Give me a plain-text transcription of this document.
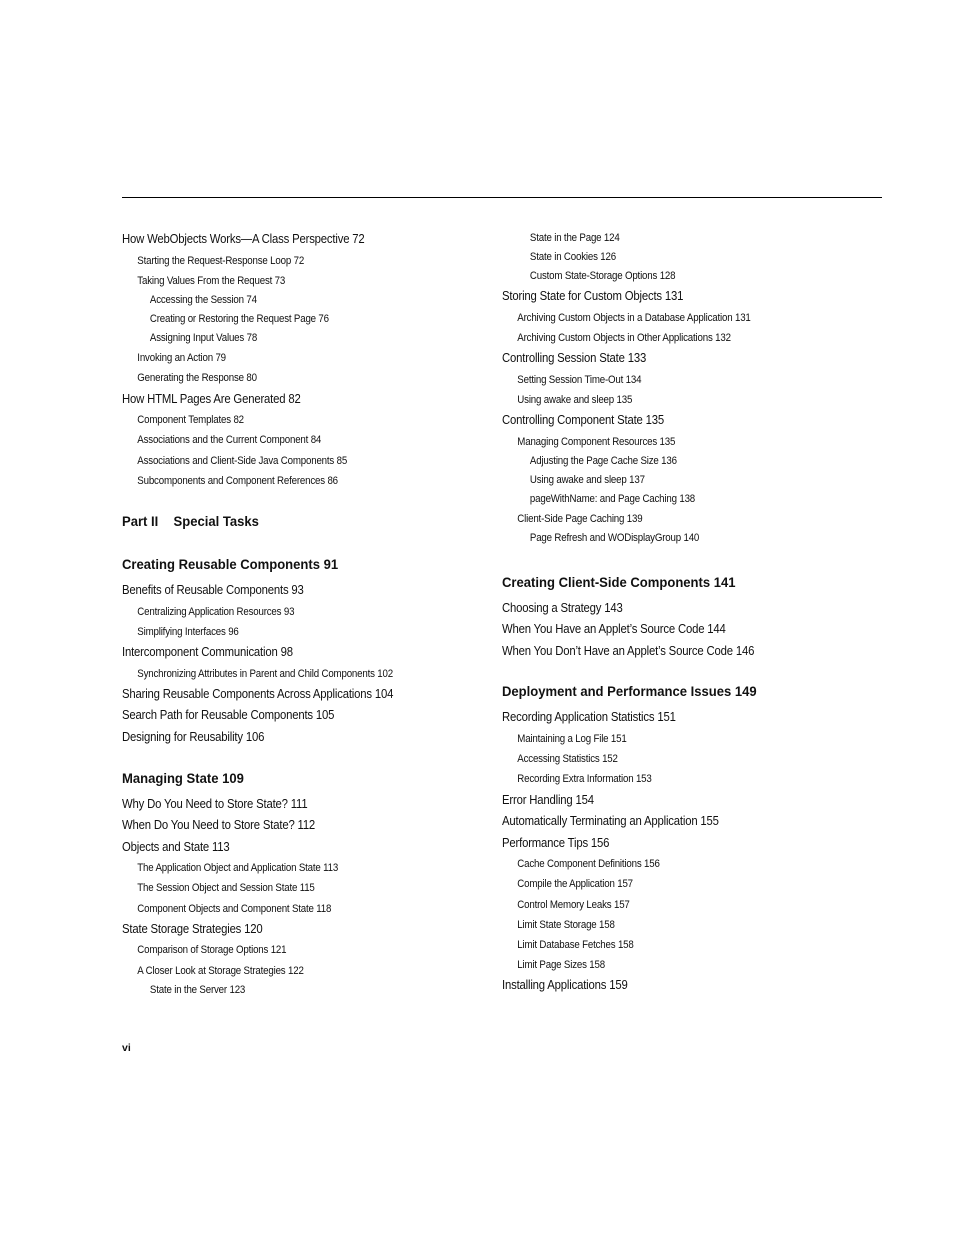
How WebObjects Works—A Class Perspective 72
Starting the Request-Response Loop 72
Taking Values From the Request 73
Accessing the Session 74
Creating or Restoring the Request Page 76
Assigning Input Values 78
Invoking an Action 79
Generating the Response 80
How HTML Pages Are Generated 82
Component Templates 82
Associations and the Current Component 84
Associations and Client-Side Java Components 85
Subcomponents and Component References 86
Part II Special Tasks
Creating Reusable Components 91
Benefits of Reusable Components 93
Centralizing Application Resources 93
Simplifying Interfaces 96
Intercomponent Communication 98
Synchronizing Attributes in Parent and Child Components 102
Sharing Reusable Components Across Applications 104
Search Path for Reusable Components 105
Designing for Reusability 106
Managing State 109
Why Do You Need to Store State? 111
When Do You Need to Store State? 112
Objects and State 113
The Application Object and Application State 113
The Session Object and Session State 115
Component Objects and Component State 118
State Storage Strategies 120
Comparison of Storage Options 121
A Closer Look at Storage Strategies 122
State in the Server 123
State in the Page 124
State in Cookies 126
Custom State-Storage Options 128
Storing State for Custom Objects 131
Archiving Custom Objects in a Database Application 131
Archiving Custom Objects in Other Applications 132
Controlling Session State 133
Setting Session Time-Out 134
Using awake and sleep 135
Controlling Component State 135
Managing Component Resources 135
Adjusting the Page Cache Size 136
Using awake and sleep 137
pageWithName: and Page Caching 138
Client-Side Page Caching 139
Page Refresh and WODisplayGroup 140
Creating Client-Side Components 141
Choosing a Strategy 143
When You Have an Applet’s Source Code 144
When You Don’t Have an Applet’s Source Code 146
Deployment and Performance Issues 149
Recording Application Statistics 151
Maintaining a Log File 151
Accessing Statistics 152
Recording Extra Information 153
Error Handling 154
Automatically Terminating an Application 155
Performance Tips 156
Cache Component Definitions 156
Compile the Application 157
Control Memory Leaks 157
Limit State Storage 158
Limit Database Fetches 158
Limit Page Sizes 158
Installing Applications 159
vi
